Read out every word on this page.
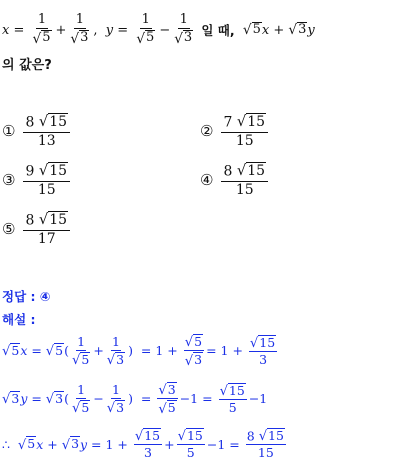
$x = \frac{1}{√ 5} + \frac{1}{√ 3}$ , $y = \frac{1}{√ 5} - \frac{1}{√ 3}$
일 때,
√ 5 x + √ 3 y
의 값은?
① $\frac{8 √ 15}{13}$	② $\frac{7 √ 15}{15}$
③ $\frac{9 √ 15}{15}$	④ $\frac{8 √ 15}{15}$
⑤ $\frac{8 √ 15}{17}$
정답 : ④
해설 :
√ 5 x = √ 5 ( $\frac{1}{√ 5} + \frac{1}{√ 3}$ )  = $1 + \frac{√ 5}{√ 3} = 1 + \frac{√ 15}{3}$
√ 3 y = √ 3 ( $\frac{1}{√ 5} - \frac{1}{√ 3}$ )  = $\frac{√ 3}{√ 5} -1 = \frac{√ 15}{5} -1$
∴ √ 5 x + √ 3 $y = 1 + \frac{√ 15}{3} + \frac{√ 15}{5} -1 = \frac{8 √ 15}{15}$
